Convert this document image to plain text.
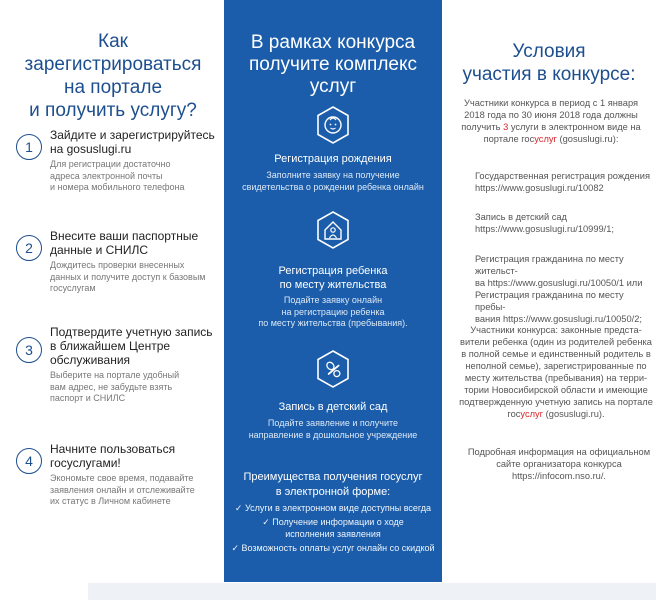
Как зарегистрироваться
на портале
и получить услугу?
1
Зайдите и зарегистрируйтесь
на gosuslugi.ru
Для регистрации достаточно
адреса электронной почты
и номера мобильного телефона
2
Внесите ваши паспортные
данные и СНИЛС
Дождитесь проверки внесенных
данных и получите доступ к базовым
госуслугам
3
Подтвердите учетную запись
в ближайшем Центре
обслуживания
Выберите на портале удобный
вам адрес, не забудьте взять
паспорт и СНИЛС
4
Начните пользоваться
госуслугами!
Экономьте свое время, подавайте
заявления онлайн и отслеживайте
их статус в Личном кабинете
В рамках конкурса
получите комплекс услуг
Регистрация рождения
Заполните заявку на получение
свидетельства о рождении ребенка онлайн
Регистрация ребенка
по месту жительства
Подайте заявку онлайн
на регистрацию ребенка
по месту жительства (пребывания).
Запись в детский сад
Подайте заявление и получите
направление в дошкольное учреждение
Преимущества получения госуслуг
в электронной форме:
✓ Услуги в электронном виде доступны всегда
✓ Получение информации о ходе
исполнения заявления
✓ Возможность оплаты услуг онлайн со скидкой
Условия
участия в конкурсе:
Участники конкурса в период с 1 января
2018 года по 30 июня 2018 года должны
получить 3 услуги в электронном виде на
портале госуслуг (gosuslugi.ru):
Государственная регистрация рождения
https://www.gosuslugi.ru/10082
Запись в детский сад
https://www.gosuslugi.ru/10999/1;
Регистрация гражданина по месту жительст-
ва https://www.gosuslugi.ru/10050/1 или
Регистрация гражданина по месту пребы-
вания https://www.gosuslugi.ru/10050/2;
Участники конкурса: законные предста-
вители ребенка (один из родителей ребенка
в полной семье и единственный родитель в
неполной семье), зарегистрированные по
месту жительства (пребывания) на терри-
тории Новосибирской области и имеющие
подтвержденную учетную запись на портале
госуслуг (gosuslugi.ru).
Подробная информация на официальном
сайте организатора конкурса
https://infocom.nso.ru/.
